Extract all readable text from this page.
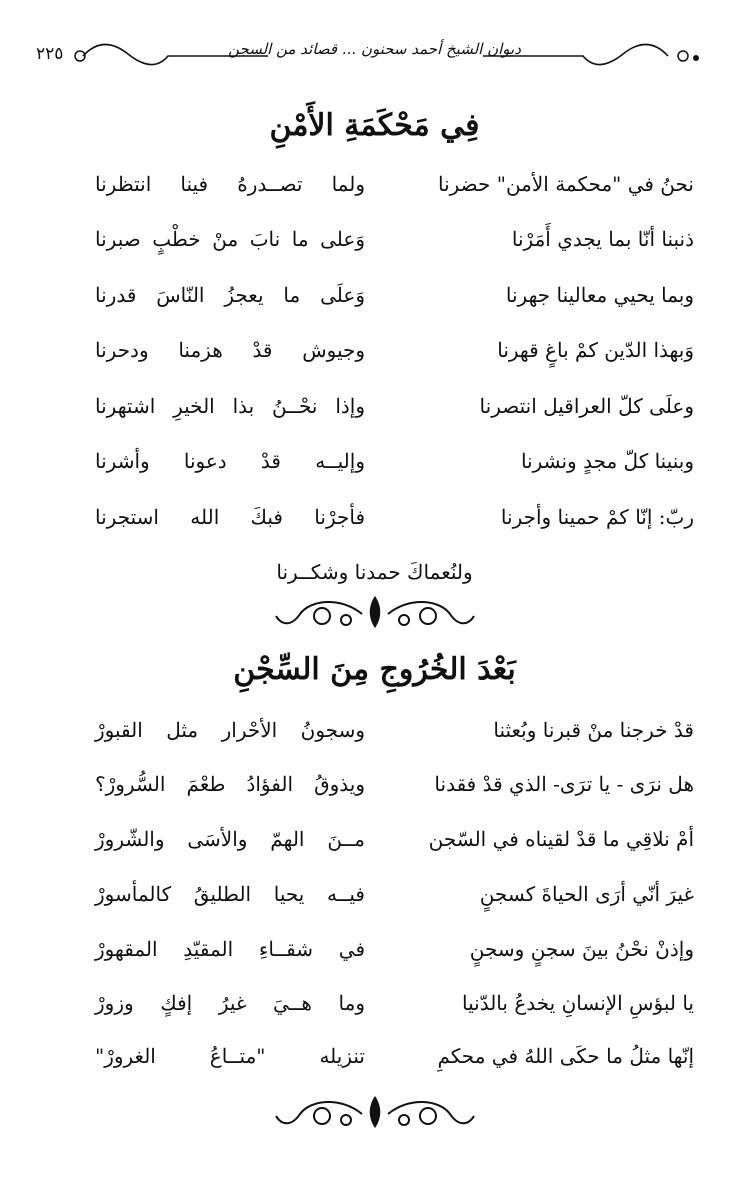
٢٢٥	ديوان الشيخ أحمد سحنون ... قصائد من السجن
فِي مَحْكَمَةِ الأَمْنِ
نحنُ في "محكمة الأمن" حضرنا
ولما تصــدرهُ فينا انتظرنا
ذنبنا أنّا بما يجدي أَمَرْنا
وَعلى ما نابَ منْ خطْبٍ صبرنا
وبما يحيي معالينا جهرنا
وَعلَى ما يعجزُ النّاسَ قدرنا
وَبهذا الدّين كمْ باغٍ قهرنا
وجيوش قدْ هزمنا ودحرنا
وعلَى كلّ العراقيل انتصرنا
وإذا نحْــنُ بذا الخيرِ اشتهرنا
وبنينا كلّ مجدٍ ونشرنا
وإليــه قدْ دعونا وأشرنا
ربّ: إنّا كمْ حمينا وأجرنا
فأجرْنا فبكَ الله استجرنا
ولنُعماكَ حمدنا وشكــرنا
بَعْدَ الخُرُوجِ مِنَ السِّجْنِ
قدْ خرجنا منْ قبرنا وبُعثنا
وسجونُ الأحْرار مثل القبورْ
هل نرَى - يا ترَى- الذي قدْ فقدنا
ويذوقُ الفؤادُ طعْمَ السُّرورْ؟
أمْ نلاقِي ما قدْ لقيناه في السّجن
مــنَ الهمّ والأسَى والشّرورْ
غيرَ أنّي أرَى الحياةَ كسجنٍ
فيــه يحيا الطليقُ كالمأسورْ
وإذنْ نحْنُ بينَ سجنٍ وسجنٍ
في شقــاءِ المقيّدِ المقهورْ
يا لبؤسِ الإنسانِ يخدعُ بالدّنيا
وما هــيَ غيرُ إفكٍ وزورْ
إنّها مثلُ ما حكَى اللهُ في محكمِ
تنزيله "متــاعُ الغرورْ"
